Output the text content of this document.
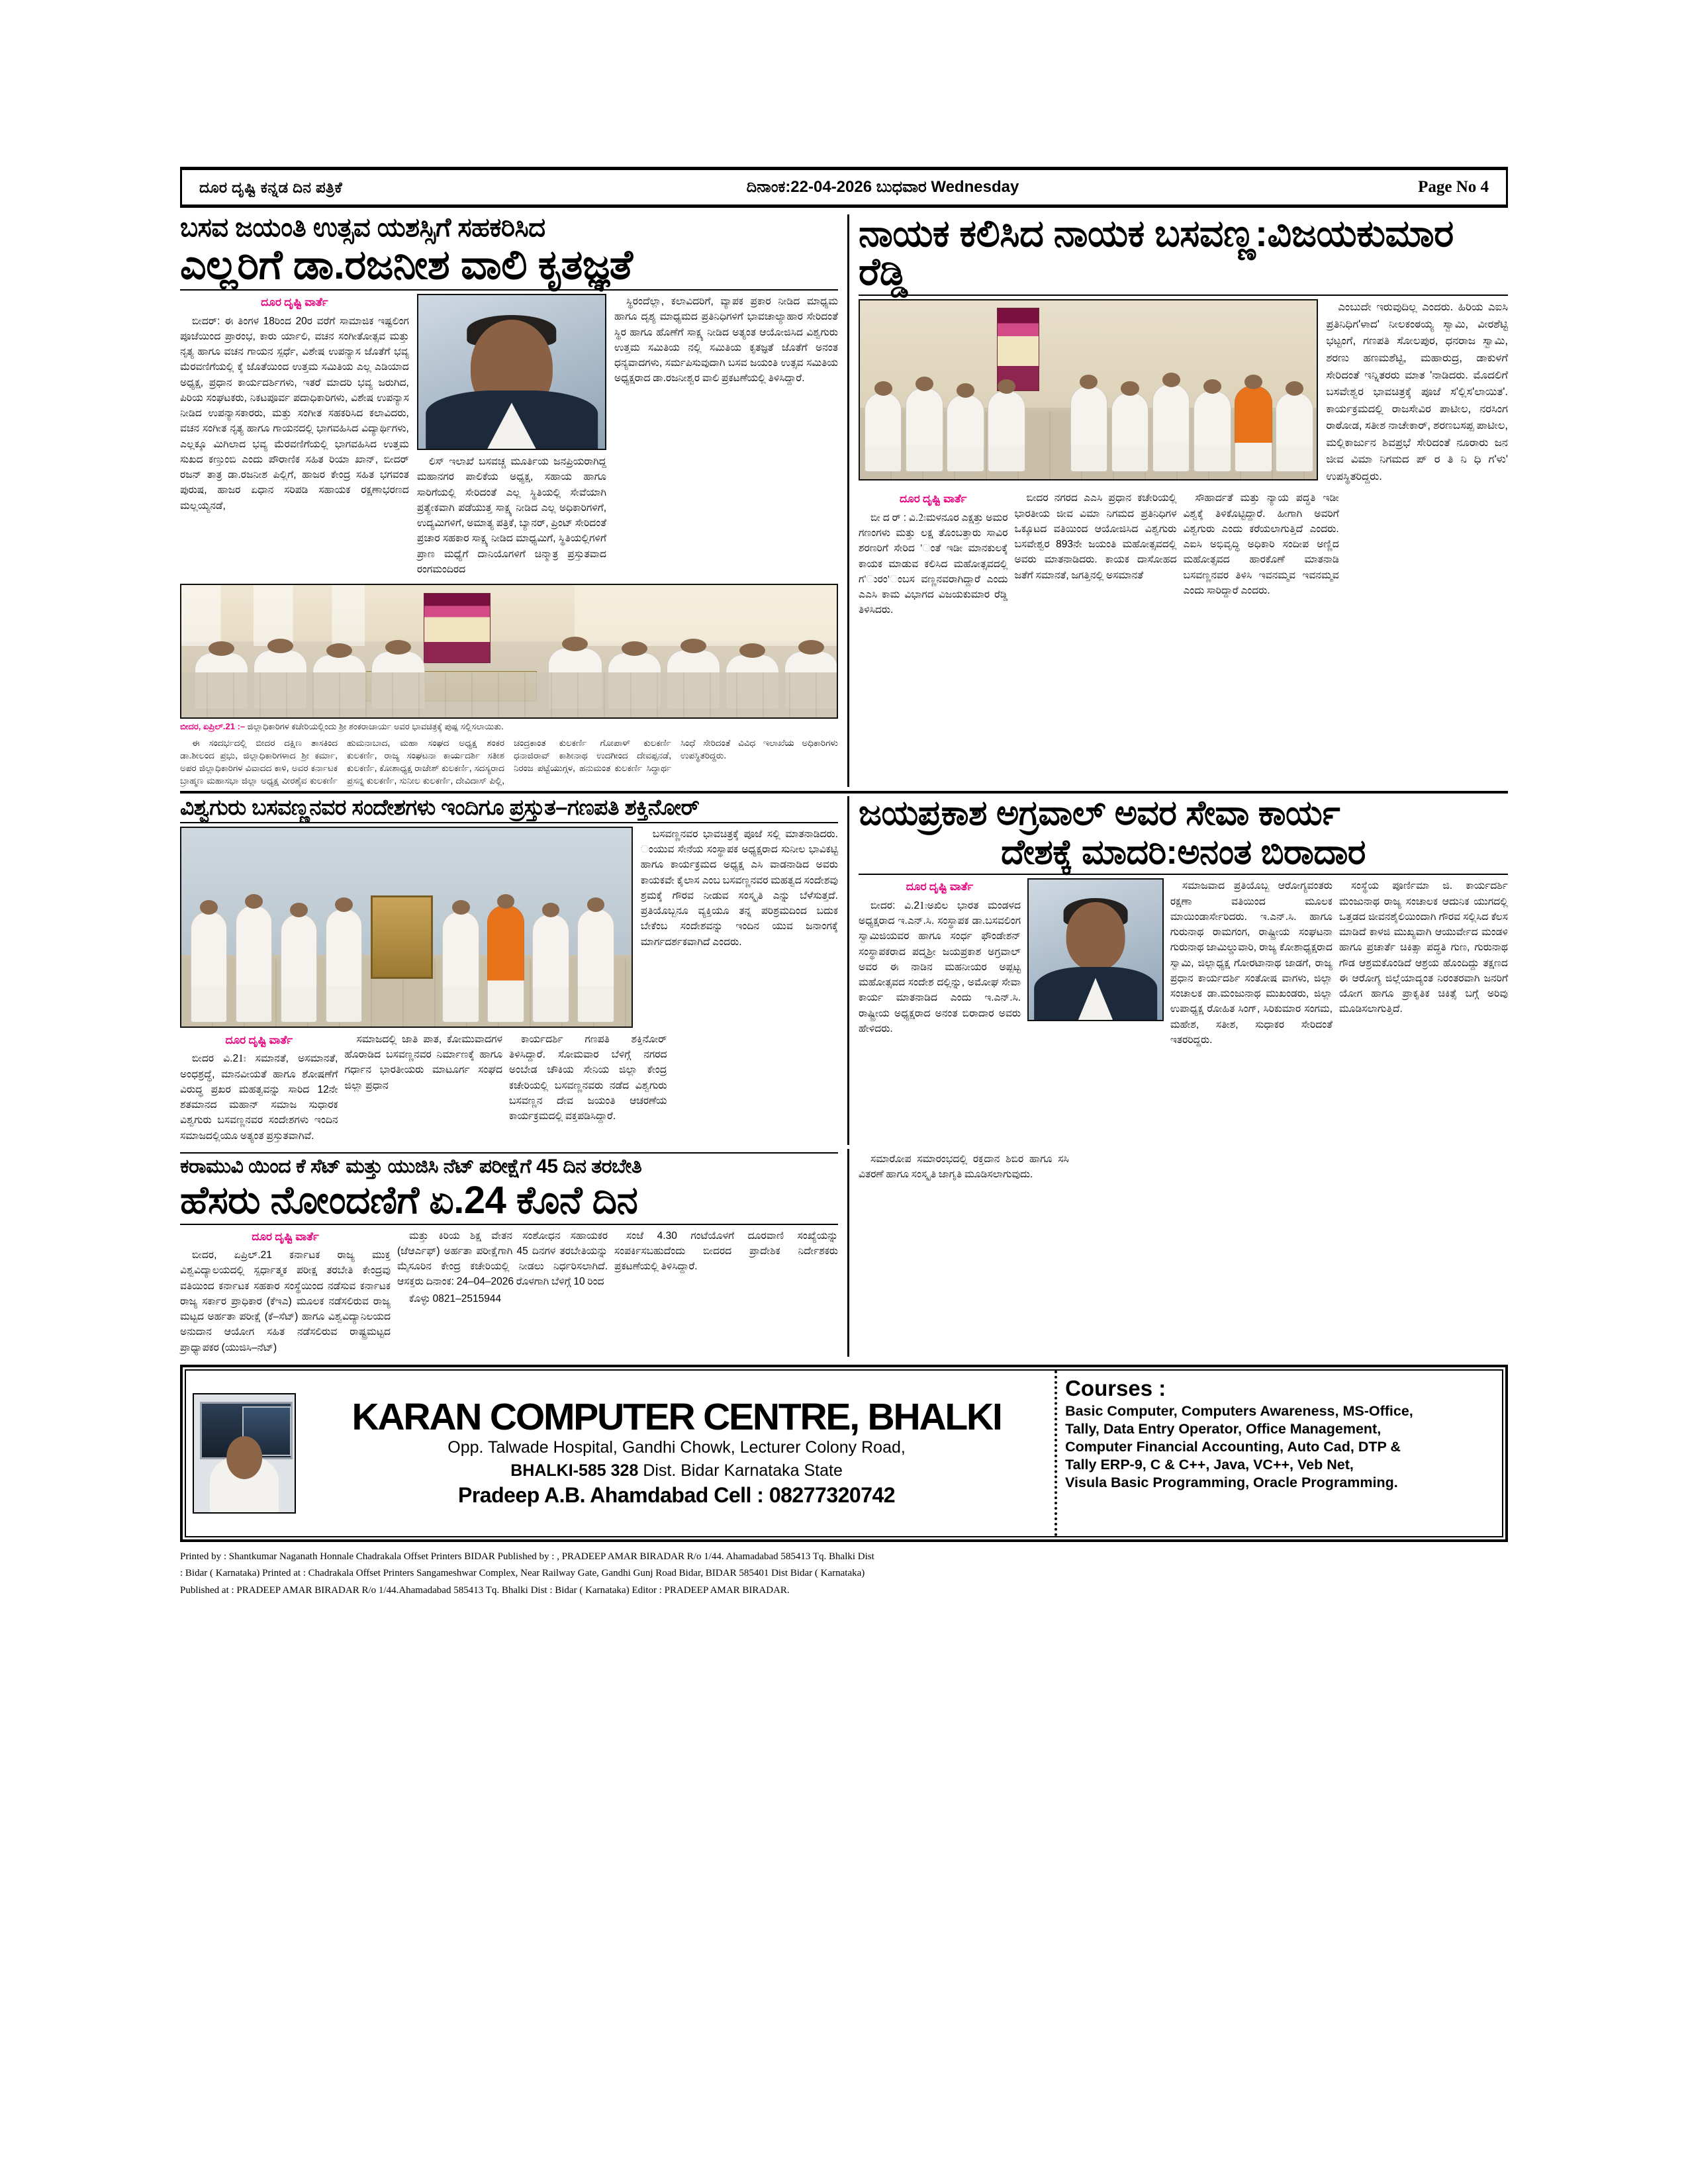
ದೂರ ದೃಷ್ಟಿ ಕನ್ನಡ ದಿನ ಪತ್ರಿಕೆ	ದಿನಾಂಕ:22-04-2026 ಬುಧವಾರ Wednesday	Page No 4
ಬಸವ ಜಯಂತಿ ಉತ್ಸವ ಯಶಸ್ಸಿಗೆ ಸಹಕರಿಸಿದ
ಎಲ್ಲರಿಗೆ ಡಾ.ರಜನೀಶ ವಾಲಿ ಕೃತಜ್ಞತೆ
ದೂರ ದೃಷ್ಟಿ ವಾರ್ತೆ

ಬೀದರ್: ಈ ತಿಂಗಳ 18ರಿಂದ 20ರ ವರೆಗೆ ಸಾಮಾಜಿಕ ಇಷ್ಟಲಿಂಗ ಪೂಜೆಯಿಂದ ಪ್ರಾರಂಭ, ಕಾರು ರ್ಯಾಲಿ, ವಚನ ಸಂಗೀತೋತ್ಸವ ಮತ್ತು ನೃತ್ಯ ಹಾಗೂ ವಚನ ಗಾಯನ ಸ್ಪರ್ಧೆ, ವಿಶೇಷ ಉಪನ್ಯಾಸ ಜೊತೆಗೆ ಭವ್ಯ ಮೆರವಣಿಗೆಯಲ್ಲಿ ಕ್ಕೆ ಜೊತೆಯಿಂದ ಉತ್ತಮ ಸಮಿತಿಯ ಎಲ್ಲ ಎಡಿಯಾದ ಅಧ್ಯಕ್ಷ, ಪ್ರಧಾನ ಕಾರ್ಯದರ್ಶಿಗಳು, ಇತರೆ ಮಾದರಿ ಭವ್ಯ ಜರುಗಿದ, ಪಿರಿಯ ಸಂಘಟಕರು, ನಿಕಟಪೂರ್ವ ಪದಾಧಿಕಾರಿಗಳು, ವಿಶೇಷ ಉಪನ್ಯಾಸ ನೀಡಿದ ಉಪನ್ಯಾಸಕಾರರು, ಮತ್ತು ಸಂಗೀತ ಸಹಕರಿಸಿದ ಕಲಾವಿದರು, ವಚನ ಸಂಗೀತ ನೃತ್ಯ ಹಾಗೂ ಗಾಯನದಲ್ಲಿ ಭಾಗವಹಿಸಿದ ವಿದ್ಯಾರ್ಥಿಗಳು, ಎಲ್ಲಕ್ಕೂ ಮಿಗಿಲಾದ ಭವ್ಯ ಮೆರವಣಿಗೆಯಲ್ಲಿ ಭಾಗವಹಿಸಿದ ಉತ್ತಮ ಸುಖದ ಕಣ್ತುಂಬಿ ಎಂದು ಪೌರಾಣಿಕ ಸಹಿತ ರಿಯಾ ಖಾನ್, ಬೀದರ್ ರಜನ್ ತಾತ್ರ ಡಾ.ರಜನೀಶ ಪಿಲ್ಲಿಗೆ, ಹಾಜರ ಕೇಂದ್ರ ಸಹಿತ ಭಗವಂತ ಪುರುಷ, ಹಾಜರ ಏಧಾನ ಸರಿಪಡಿ ಸಹಾಯಕ ರಕ್ಷಣಾಭರಣದ ಮಲ್ಲಯ್ಯನಡೆ,

ಲಿಸ್ ಇಲಾಖೆ ಬಸವಚ್ಚ ಮೂರ್ತಿಯ ಜನಪ್ರಿಯರಾಗಿದ್ದ ಮಹಾನಗರ ಪಾಲಿಕೆಯ ಅಧ್ಯಕ್ಷ, ಸಹಾಯ ಹಾಗೂ ಸಾರಿಗೆಯಲ್ಲಿ ಸೇರಿದಂತೆ ಎಲ್ಲ ಸ್ಥಿತಿಯಲ್ಲಿ ಸೇವೆಯಾಗಿ ಪ್ರತ್ಯೇಕವಾಗಿ ಪಡೆಯುತ್ತ ಸಾಕ್ಷ್ಯ ನೀಡಿದ ಎಲ್ಲ ಅಧಿಕಾರಿಗಳಿಗೆ, ಉದ್ಯಮಿಗಳಿಗೆ, ಅಮಾತ್ಯ ಪತ್ರಿಕೆ, ಬ್ಯಾನರ್, ಪ್ರಿಂಟ್ ಸೇರಿದಂತೆ ಪ್ರಚಾರ ಸಹಕಾರ ಸಾಕ್ಷ್ಯ ನೀಡಿದ ಮಾಧ್ಯಮಿಗೆ, ಸ್ಥಿತಿಯಲ್ಲಿಗಳಿಗೆ ಪ್ರಾಣ ಮಧ್ಯೆಗೆ ದಾನಿಯೊಗಳಿಗೆ ಚಿನ್ಮಾತ್ರ ಪ್ರಸ್ತುತವಾದ ರಂಗಮಂದಿರದ

ಸ್ಥಿರಂದೆಲ್ಲಾ, ಕಲಾವಿದರಿಗೆ, ವ್ಯಾಪಕ ಪ್ರಕಾರ ನೀಡಿದ ಮಾಧ್ಯಮ ಹಾಗೂ ದೃಶ್ಯ ಮಾಧ್ಯಮದ ಪ್ರತಿನಿಧಿಗಳಿಗೆ ಭಾವಚಾಲ್ಯಾಹಾರ ಸೇರಿದಂತೆ ಸ್ಥಿರ ಹಾಗೂ ಹೊಣೆಗೆ ಸಾಕ್ಷ್ಯ ನೀಡಿದ ಅತ್ಯಂತ ಆಯೋಜಿಸಿದ ವಿಶ್ವಗುರು ಉತ್ತಮ ಸಮಿತಿಯ ನಲ್ಲಿ ಸಮಿತಿಯ ಕೃತಜ್ಞತೆ ಜೊತೆಗೆ ಅನಂತ ಧನ್ಯವಾದಗಳು, ಸರ್ಮಪಿಸುವುದಾಗಿ ಬಸವ ಜಯಂತಿ ಉತ್ಸವ ಸಮಿತಿಯ ಅಧ್ಯಕ್ಷರಾದ ಡಾ.ರಜನೀಶ್ವರ ವಾಲಿ ಪ್ರಕಟಣೆಯಲ್ಲಿ ತಿಳಿಸಿದ್ದಾರೆ.

ಬೀದರ, ಏಪ್ರಿಲ್.21 :– ಜಿಲ್ಲಾಧಿಕಾರಿಗಳ ಕಚೇರಿಯಲ್ಲಿಂದು ಶ್ರೀ ಶಂಕರಾಚಾರ್ಯ ಅವರ ಭಾವಚಿತ್ರಕ್ಕೆ ಪುಷ್ಪ ಸಲ್ಲಿಸಲಾಯಿತು.

ಈ ಸಂದರ್ಭದಲ್ಲಿ ಬೀದರ ದಕ್ಷಿಣ ತಾಸಕಿಂದ ಡಾ.ಶೀಲಂದ ಪ್ರಭು, ಜಿಲ್ಲಾಧಿಕಾರಿಗಳಾದ ಶ್ರೀ ಕರ್ಮಾ, ಅಪರ ಜಿಲ್ಲಾಧಿಕಾರಿಗಳ ವಿವಾದದ ಕಾಳಿ, ಅವರ ಕರ್ನಾಟಕ ಬ್ರಾಹ್ಮಣ ಮಹಾಸಭಾ ಜಿಲ್ಲಾ ಅಧ್ಯಕ್ಷ ವೀರಶೈವ ಕುಲಕರ್ಣಿ ಹುಮನಾಬಾದ, ಮಹಾ ಸಂಘದ ಅಧ್ಯಕ್ಷ ಶಂಕರ ಕುಲಕರ್ಣಿ, ರಾಜ್ಯ ಸಂಘಟನಾ ಕಾರ್ಯದರ್ಶಿ ಸತೀಶ ಕುಲಕರ್ಣಿ, ಕೋಶಾಧ್ಯಕ್ಷ ರಾಜೇಶ್ ಕುಲಕರ್ಣಿ, ಸದಸ್ಯರಾದ ಪ್ರಸನ್ನ ಕುಲಕರ್ಣಿ, ಸುನೀಲ ಕುಲಕರ್ಣಿ, ದೇವಿದಾಸ್ ಪಿಲ್ಲಿ, ಚಂದ್ರಕಾಂತ ಕುಲಕರ್ಣಿ ಗೋಪಾಳ್ ಕುಲಕರ್ಣಿ ಧನಾಜಿರಾವ್ ಕಾಶೀನಾಥ ಉದಗೀಂದ ದೇವಪ್ಪನಡೆ, ನಿರಂಜ ಪಟ್ಟೆಯುಗ್ಗಳ, ಹನುಮಂತ ಕುಲಕರ್ಣಿ ಸಿದ್ಧಾರ್ಥ ಸಿಂಧೆ ಸೇರಿದಂತೆ ವಿವಿಧ ಇಲಾಖೆಯ ಅಧಿಕಾರಿಗಳು ಉಪಸ್ಥಿತರಿದ್ದರು.

ನಾಯಕ ಕಲಿಸಿದ ನಾಯಕ ಬಸವಣ್ಣ:ವಿಜಯಕುಮಾರ ರೆಡ್ಡಿ

ಎಂಬುದೇ ಇರುವುದಿಲ್ಲ ಎಂದರು. ಹಿರಿಯ ಎಐಸಿ ಪ್ರತಿನಿಧಿಗ'ಳಾದ' ನೀಲಕಂಠಯ್ಯ ಸ್ವಾಮಿ, ವೀರಶೆಟ್ಟಿ ಭಟ್ಟಂಗೆ, ಗಣಪತಿ ಸೋಲಪುರ, ಧನರಾಜ ಸ್ವಾಮಿ, ಶರಣು ಹಣಮಶೆಟ್ಟಿ, ಮಹಾರುದ್ರ, ಡಾಕುಳಗೆ ಸೇರಿದಂತೆ ಇನ್ನಿತರರು ಮಾತ 'ನಾಡಿದರು. ಮೊದಲಿಗೆ ಬಸವೇಶ್ವರ ಭಾವಚಿತ್ರಕ್ಕೆ ಪೂಜೆ ಸ'ಲ್ಲಿಸ'ಲಾಯಿತ'. ಕಾರ್ಯಕ್ರಮದಲ್ಲಿ ರಾಜಸೇವಿರ ಪಾಟೀಲ, ನರಸಿಂಗ ರಾಠೋಡ, ಸತೀಶ ನಾಚೇಕಾರ್, ಶರಣಬಸಪ್ಪ ಪಾಟೀಲ, ಮಲ್ಲಿಕಾರ್ಜುನ ಶಿವಪ್ರಭೆ ಸೇರಿದಂತೆ ನೂರಾರು ಜನ ಜೀವ ವಿಮಾ ನಿಗಮದ ಪ್ ರ ತಿ ನಿ ಧಿ ಗ'ಳು' ಉಪಸ್ಥಿತರಿದ್ದರು.

ದೂರ ದೃಷ್ಟಿ ವಾರ್ತೆ

ಬೀ ದ ರ್ : ವಿ.2ಃಮಳನೂರ ಎಕ್ಷತ್ತು ಅಮರ ಗಣಂಗಳು ಮತ್ತು ಲಕ್ಷ ತೊಂಬತ್ತಾರು ಸಾವಿರ ಶರಣರಿಗೆ ಸೇರಿದ 'ಂತೆ ಇಡೀ ಮಾನಕುಲಕ್ಕೆ ಕಾಯಕ ಮಾಡುವ ಕಲಿಸಿದ ಮಹೋತ್ಸವದಲ್ಲಿ ಗ'ುರಂ'ಂಬಸ ವಣ್ಣನವರಾಗಿದ್ದಾರೆ ಎಂದು ಎಎಸಿ ಕಾಮ ವಿಭಾಗದ ವಿಜಯಕುಮಾರ ರೆಡ್ಡಿ ತಿಳಿಸಿದರು.

ಬೀದರ ನಗರದ ಎಎಸಿ ಪ್ರಧಾನ ಕಚೇರಿಯಲ್ಲಿ ಭಾರತೀಯ ಜೀವ ವಿಮಾ ನಿಗಮದ ಪ್ರತಿನಿಧಿಗಳ ಒಕ್ಕೂಟದ ವತಿಯಿಂದ ಆಯೋಜಿಸಿದ ವಿಶ್ವಗುರು ಬಸವೇಶ್ವರ 893ನೇ ಜಯಂತಿ ಮಹೋತ್ಸವದಲ್ಲಿ ಅವರು ಮಾತನಾಡಿದರು. ಕಾಯಕ ದಾಸೋಹದ ಜತೆಗೆ ಸಮಾನತೆ, ಜಗತ್ತಿನಲ್ಲಿ ಅಸಮಾನತೆ

ಸೌಹಾರ್ದತೆ ಮತ್ತು ನ್ಯಾಯ ಪದ್ಧತಿ ಇಡೀ ವಿಶ್ವಕ್ಕೆ ತಿಳಿಕೊಟ್ಟಿದ್ದಾರೆ. ಹೀಗಾಗಿ ಅವರಿಗೆ ವಿಶ್ವಗುರು ಎಂದು ಕರೆಯಲಾಗುತ್ತಿದೆ ಎಂದರು. ಎಐಸಿ ಅಭಿವೃದ್ಧಿ ಅಧಿಕಾರಿ ಸಂದೀಪ ಅಣ್ಣಿದ ಮಹೋತ್ಸವದ ಹಾರಕೊಣೆ ಮಾತನಾಡಿ ಬಸವಣ್ಣನವರ ತಿಳಿಸಿ ಇವನಮ್ಮವ ಇವನಮ್ಮವ ಎಂದು ಸಾರಿದ್ದಾರೆ ಎಂದರು.

ವಿಶ್ವಗುರು ಬಸವಣ್ಣನವರ ಸಂದೇಶಗಳು ಇಂದಿಗೂ ಪ್ರಸ್ತುತ–ಗಣಪತಿ ಶಕ್ತಿನೋರ್

ಬಸವಣ್ಣನವರ ಭಾವಚಿತ್ರಕ್ಕೆ ಪೂಜೆ ಸಲ್ಲಿ ಮಾತನಾಡಿದರು. ಂಯುವ ಸೇನೆಯ ಸಂಸ್ಥಾಪಕ ಅಧ್ಯಕ್ಷರಾದ ಸುನೀಲ ಭಾವಿಕಟ್ಟಿ ಹಾಗೂ ಕಾರ್ಯಕ್ರಮದ ಅಧ್ಯಕ್ಷ ಎಸಿ ವಾಡನಾಡಿದ ಅವರು ಕಾಯಕವೇ ಕೈಲಾಸ ಎಂಬ ಬಸವಣ್ಣನವರ ಮಹತ್ವದ ಸಂದೇಶವು ಶ್ರಮಕ್ಕೆ ಗೌರವ ನೀಡುವ ಸಂಸ್ಕೃತಿ ಎನ್ನು ಬೆಳೆಸುತ್ತದೆ. ಪ್ರತಿಯೊಬ್ಬನೂ ವ್ಯಕ್ತಿಯೂ ತನ್ನ ಪರಿಶ್ರಮದಿಂದ ಬದುಕ ಬೇಕೆಂಬ ಸಂದೇಶವನ್ನು ಇಂದಿನ ಯುವ ಜನಾಂಗಕ್ಕೆ ಮಾರ್ಗದರ್ಶಕವಾಗಿದೆ ಎಂದರು.

ದೂರ ದೃಷ್ಟಿ ವಾರ್ತೆ

ಬೀದರ ವಿ.21ಃ ಸಮಾನತೆ, ಅಸಮಾನತೆ, ಅಂಧಶ್ರದ್ಧೆ, ಮಾನವೀಯತೆ ಹಾಗೂ ಶೋಷಣೆಗೆ ವಿರುದ್ಧ ಪ್ರಖರ ಮಹತ್ವವನ್ನು ಸಾರಿದ 12ನೇ ಶತಮಾನದ ಮಹಾನ್ ಸಮಾಜ ಸುಧಾರಕ ವಿಶ್ವಗುರು ಬಸವಣ್ಣನವರ ಸಂದೇಶಗಳು ಇಂದಿನ ಸಮಾಜದಲ್ಲಿಯೂ ಅತ್ಯಂತ ಪ್ರಸ್ತುತವಾಗಿವೆ.

ಸಮಾಜದಲ್ಲಿ ಜಾತಿ ಪಾತ, ಕೋಮುವಾದಗಳ ಹೊರಾಡಿದ ಬಸವಣ್ಣನವರ ನಿರ್ಮಾಣಕ್ಕೆ ಹಾಗೂ ಗರ್ಧಾನ ಭಾರತೀಯರು ಮಾಟೂರ್ಗ ಸಂಘದ ಜಿಲ್ಲಾ ಪ್ರಧಾನ

ಕಾರ್ಯದರ್ಶಿ ಗಣಪತಿ ಶಕ್ತಿನೋರ್ ತಿಳಿಸಿದ್ದಾರೆ. ಸೋಮವಾರ ಬೆಳಿಗ್ಗೆ ನಗರದ ಅಂಬೇಡ ಚೌಕಿಯ ಸೇನಿಯ ಜಿಲ್ಲಾ ಕೇಂದ್ರ ಕಚೇರಿಯಲ್ಲಿ ಬಸವಣ್ಣನವರು ನಡೆದ ವಿಶ್ವಗುರು ಬಸವಣ್ಣನ ದೇವ ಜಯಂತಿ ಆಚರಣೆಯ ಕಾರ್ಯಕ್ರಮದಲ್ಲಿ ವಕ್ತಪಡಿಸಿದ್ದಾರೆ.

ಜಯಪ್ರಕಾಶ ಅಗ್ರವಾಲ್ ಅವರ ಸೇವಾ ಕಾರ್ಯ
ದೇಶಕ್ಕೆ ಮಾದರಿ:ಅನಂತ ಬಿರಾದಾರ
ದೂರ ದೃಷ್ಟಿ ವಾರ್ತೆ

ಬೀದರ: ವಿ.21ಃಅಖಿಲ ಭಾರತ ಮಂಡಳದ ಅಧ್ಯಕ್ಷರಾದ ಇ.ಎನ್.ಸಿ. ಸಂಸ್ಥಾಪಕ ಡಾ.ಬಸವಲಿಂಗ ಸ್ವಾಮಿಜಿಯವರ ಹಾಗೂ ಸಂರ್ಧ ಫೌಂಡೇಶನ್ ಸಂಸ್ಥಾಪಕರಾದ ಪದ್ಮಶ್ರೀ ಜಯಪ್ರಕಾಶ ಅಗ್ರವಾಲ್ ಅವರ ಈ ನಾಡಿನ ಮಹನೀಯರ ಅಪ್ಪಟ್ಟ ಮಹೋತ್ಸವದ ಸಂದೇಶ ದಲ್ಲಿನ್ನು, ಅಮೋಘ ಸೇವಾ ಕಾರ್ಯ ಮಾತನಾಡಿದ ಎಂದು ಇ.ಎನ್.ಸಿ. ರಾಷ್ಟ್ರೀಯ ಅಧ್ಯಕ್ಷರಾದ ಅನಂತ ಬಿರಾದಾರ ಅವರು ಹೇಳಿದರು.

ಸಮಾಜವಾದ ಪ್ರತಿಯೊಬ್ಬ ಆರೋಗ್ಯವಂತರು ರಕ್ಷಣಾ ವತಿಯಿಂದ ಮೂಲಕ ಮಾಯಿಂಡಾರ್ಸೇರಿದರು. ಇ.ಎನ್.ಸಿ. ಹಾಗೂ ಗುರುನಾಥ ರಾಮಗಂಗ, ರಾಷ್ಟ್ರೀಯ ಸಂಘಟನಾ ಗುರುನಾಥ ಜಾಮಿಲ್ಡುವಾರಿ, ರಾಜ್ಯ ಕೋಶಾಧ್ಯಕ್ಷರಾದ ಸ್ವಾಮಿ, ಜಿಲ್ಲಾಧ್ಯಕ್ಷ ಗೋರಟಾನಾಥ ಜಾಡಗೆ, ರಾಜ್ಯ ಪ್ರಧಾನ ಕಾರ್ಯದರ್ಶಿ ಸಂತೋಷ ವಾಗಳು, ಜಿಲ್ಲಾ ಸಂಚಾಲಕ ಡಾ.ಮಂಜುನಾಥ ಮುಖಂಡರು, ಜಿಲ್ಲಾ ಉಪಾಧ್ಯಕ್ಷ ರೋಹಿತ ಸಿಂಗ್, ಸಿರಿಕುಮಾರ ಸಂಗಮ, ಮಹೇಶ, ಸತೀಶ, ಸುಧಾಕರ ಸೇರಿದಂತೆ ಇತರರಿದ್ದರು.

ಸಂಸ್ಥೆಯ ಪೂರ್ಣಿಮಾ ಜಿ. ಕಾರ್ಯದರ್ಶಿ ಮಂಜುನಾಥ ರಾಜ್ಯ ಸಂಚಾಲಕ ಆದುನಿಕ ಯುಗದಲ್ಲಿ ಒತ್ತಡದ ಜೀವನಶೈಲಿಯಿಂದಾಗಿ ಗೌರವ ಸಲ್ಲಿಸಿದ ಕೆಲಸ ಮಾಡಿದೆ ಕಾಳಜಿ ಮುಖ್ಯವಾಗಿ ಆಯುರ್ವೇದ ಮಂಡಳಿ ಹಾಗೂ ಪ್ರಚಾರ್ತೆ ಚಿಕಿತ್ಸಾ ಪದ್ಧತಿ ಗುಣ, ಗುರುನಾಥ ಗೌಡ ಆಶ್ರಮಕೊಂಡಿದೆ ಆಶ್ರಯ ಹೊಂದಿದ್ದು ತಕ್ಷಣದ ಈ ಆರೋಗ್ಯ ಜಿಲ್ಲೆಯಾದ್ಯಂತ ನಿರಂತರವಾಗಿ ಜನರಿಗೆ ಯೋಗ ಹಾಗೂ ಪ್ರಾಕೃತಿಕ ಚಿಕಿತ್ಸೆ ಬಗ್ಗೆ ಅರಿವು ಮೂಡಿಸಲಾಗುತ್ತಿದೆ.

ಕರಾಮುವಿ ಯಿಂದ ಕೆ ಸೆಟ್ ಮತ್ತು ಯುಜಿಸಿ ನೆಟ್ ಪರೀಕ್ಷೆಗೆ 45 ದಿನ ತರಬೇತಿ
ಹೆಸರು ನೋಂದಣಿಗೆ ಏ.24 ಕೊನೆ ದಿನ
ದೂರ ದೃಷ್ಟಿ ವಾರ್ತೆ

ಬೀದರ, ಏಪ್ರಿಲ್.21 ಕರ್ನಾಟಕ ರಾಜ್ಯ ಮುಕ್ತ ವಿಶ್ವವಿದ್ಯಾಲಯದಲ್ಲಿ ಸ್ಪರ್ಧಾತ್ಮಕ ಪರೀಕ್ಷ ತರಬೇತಿ ಕೇಂದ್ರವು ವತಿಯಿಂದ ಕರ್ನಾಟಕ ಸಹಕಾರ ಸಂಸ್ಥೆಯಿಂದ ನಡೆಸುವ ಕರ್ನಾಟಕ ರಾಜ್ಯ ಸರ್ಕಾರ ಪ್ರಾಧಿಕಾರ (ಕೆಇಎ) ಮೂಲಕ ನಡೆಸಲಿರುವ ರಾಜ್ಯ ಮಟ್ಟದ ಅರ್ಹತಾ ಪರೀಕ್ಷೆ (ಕೆ–ಸೆಟ್) ಹಾಗೂ ವಿಶ್ವವಿದ್ಯಾನಿಲಯದ ಅನುದಾನ ಆಯೋಗ ಸಹಿತ ನಡೆಸಲಿರುವ ರಾಷ್ಟ್ರಮಟ್ಟದ ಪ್ರಾಧ್ಯಾಪಕರ (ಯುಜಿಸಿ–ನೆಟ್)

ಮತ್ತು ಕಿರಿಯ ಶಿಕ್ಷ ವೇತನ ಸಂಶೋಧನ ಸಹಾಯಕರ (ಜೆಆರ್ಎಫ್) ಅರ್ಹತಾ ಪರೀಕ್ಷೆಗಾಗಿ 45 ದಿನಗಳ ತರಬೇತಿಯನ್ನು ಮೈಸೂರಿನ ಕೇಂದ್ರ ಕಚೇರಿಯಲ್ಲಿ ನೀಡಲು ನಿರ್ಧರಿಸಲಾಗಿದೆ. ಆಸಕ್ತರು ದಿನಾಂಕ: 24–04–2026 ರೊಳಗಾಗಿ ಬೆಳಿಗ್ಗೆ 10 ರಿಂದ

ಕೊಳ್ಳು 0821–2515944

ಸಂಜೆ 4.30 ಗಂಟೆಯೊಳಗೆ ದೂರವಾಣಿ ಸಂಖ್ಯೆಯನ್ನು ಸಂಪರ್ಕಿಸಬಹುದೆಂದು ಬೀದರದ ಪ್ರಾದೇಶಿಕ ನಿರ್ದೇಶಕರು ಪ್ರಕಟಣೆಯಲ್ಲಿ ತಿಳಿಸಿದ್ದಾರೆ.

ಸಮಾರೋಪ ಸಮಾರಂಭದಲ್ಲಿ ರಕ್ತದಾನ ಶಿಬಿರ ಹಾಗೂ ಸಸಿ ವಿತರಣೆ ಹಾಗೂ ಸಂಸ್ಕೃತಿ ಜಾಗೃತಿ ಮೂಡಿಸಲಾಗುವುದು.

KARAN COMPUTER CENTRE, BHALKI
Opp. Talwade Hospital, Gandhi Chowk, Lecturer Colony Road,
BHALKI-585 328 Dist. Bidar Karnataka State
Pradeep A.B. Ahamdabad Cell : 08277320742

Courses :

Basic Computer, Computers Awareness, MS-Office,

Tally, Data Entry Operator, Office Management,

Computer Financial Accounting, Auto Cad, DTP &

Tally ERP-9, C & C++, Java, VC++, Veb Net,

Visula Basic Programming, Oracle Programming.

Printed by : Shantkumar Naganath Honnale Chadrakala Offset Printers BIDAR Published by : , PRADEEP AMAR BIRADAR R/o 1/44. Ahamadabad 585413 Tq. Bhalki Dist
: Bidar ( Karnataka) Printed at : Chadrakala Offset Printers Sangameshwar Complex, Near Railway Gate, Gandhi Gunj Road Bidar, BIDAR 585401 Dist Bidar ( Karnataka)
Published at : PRADEEP AMAR BIRADAR R/o 1/44.Ahamadabad 585413 Tq. Bhalki Dist : Bidar ( Karnataka) Editor : PRADEEP AMAR BIRADAR.
